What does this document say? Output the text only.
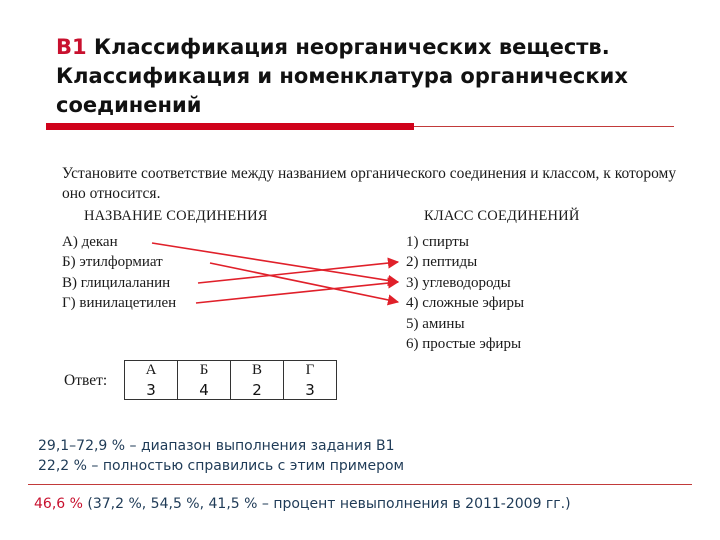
В1 Классификация неорганических веществ. Классификация и номенклатура органических соединений

Установите соответствие между названием органического соединения и классом, к которому оно относится.

НАЗВАНИЕ СОЕДИНЕНИЯ	КЛАСС СОЕДИНЕНИЙ
А) декан
Б) этилформиат
В) глицилаланин
Г) винилацетилен
1) спирты
2) пептиды
3) углеводороды
4) сложные эфиры
5) амины
6) простые эфиры
Ответ:
А	Б	В	Г
3	4	2	3
29,1–72,9 % – диапазон выполнения задания В1
22,2 % – полностью справились с этим примером
46,6 % (37,2 %, 54,5 %, 41,5 % – процент невыполнения в 2011-2009 гг.)
